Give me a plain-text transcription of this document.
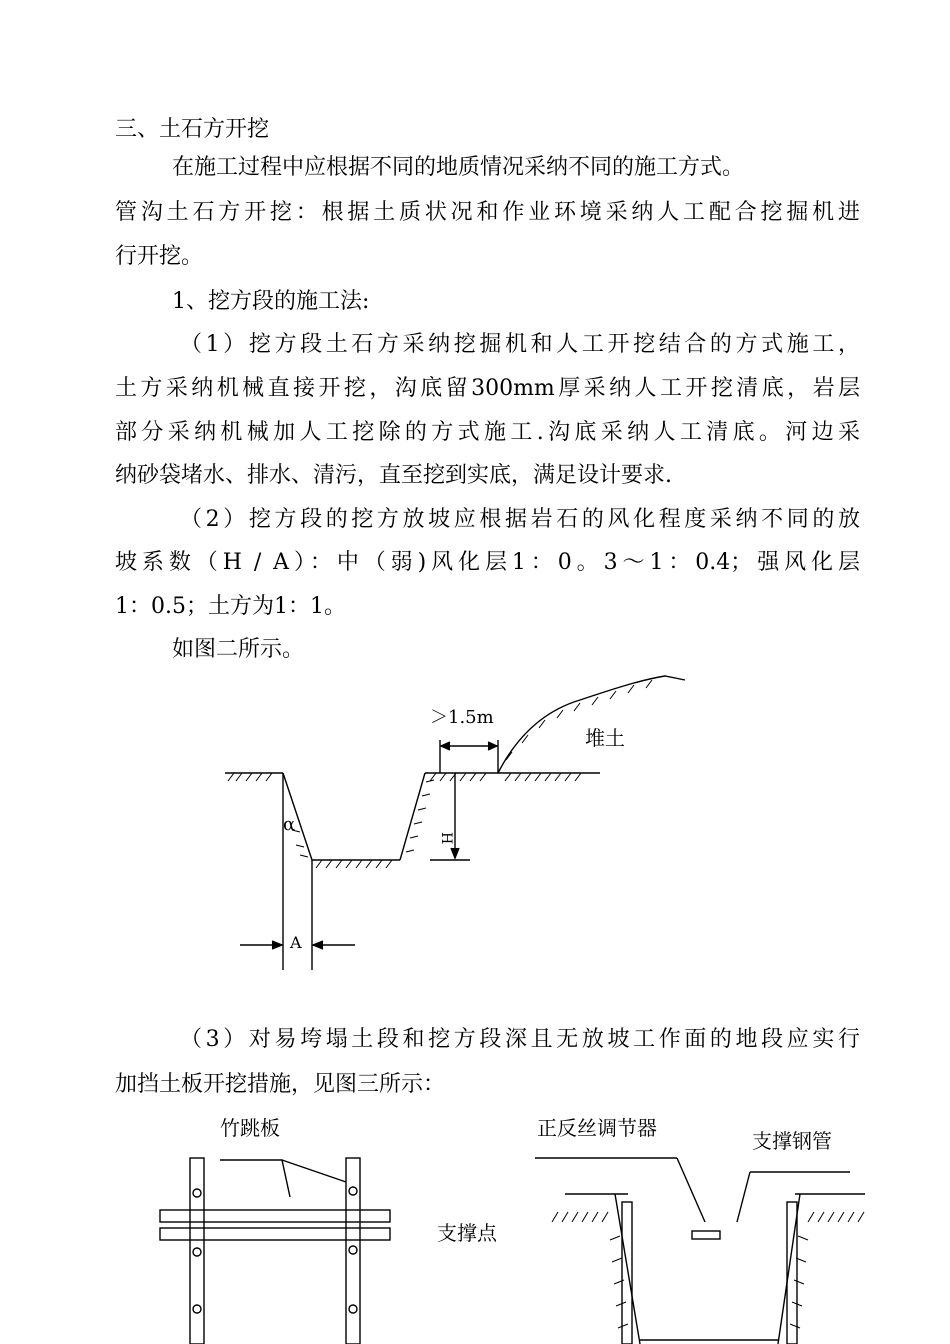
三、土石方开挖
在施工过程中应根据不同的地质情况采纳不同的施工方式。
管沟土石方开挖：根据土质状况和作业环境采纳人工配合挖掘机进
行开挖。
1、挖方段的施工法:
（1）挖方段土石方采纳挖掘机和人工开挖结合的方式施工，
土方采纳机械直接开挖，沟底留300mm厚采纳人工开挖清底，岩层
部分采纳机械加人工挖除的方式施工.沟底采纳人工清底。河边采
纳砂袋堵水、排水、清污，直至挖到实底，满足设计要求.
（2）挖方段的挖方放坡应根据岩石的风化程度采纳不同的放
坡系数（H / A）：中（弱)风化层1：0。3～1：0.4；强风化层
1：0.5；土方为1：1。
如图二所示。
＞1.5m
堆土
α
H
A
竹跳板	正反丝调节器
支撑钢管
支撑点
（3）对易垮塌土段和挖方段深且无放坡工作面的地段应实行
加挡土板开挖措施，见图三所示：
